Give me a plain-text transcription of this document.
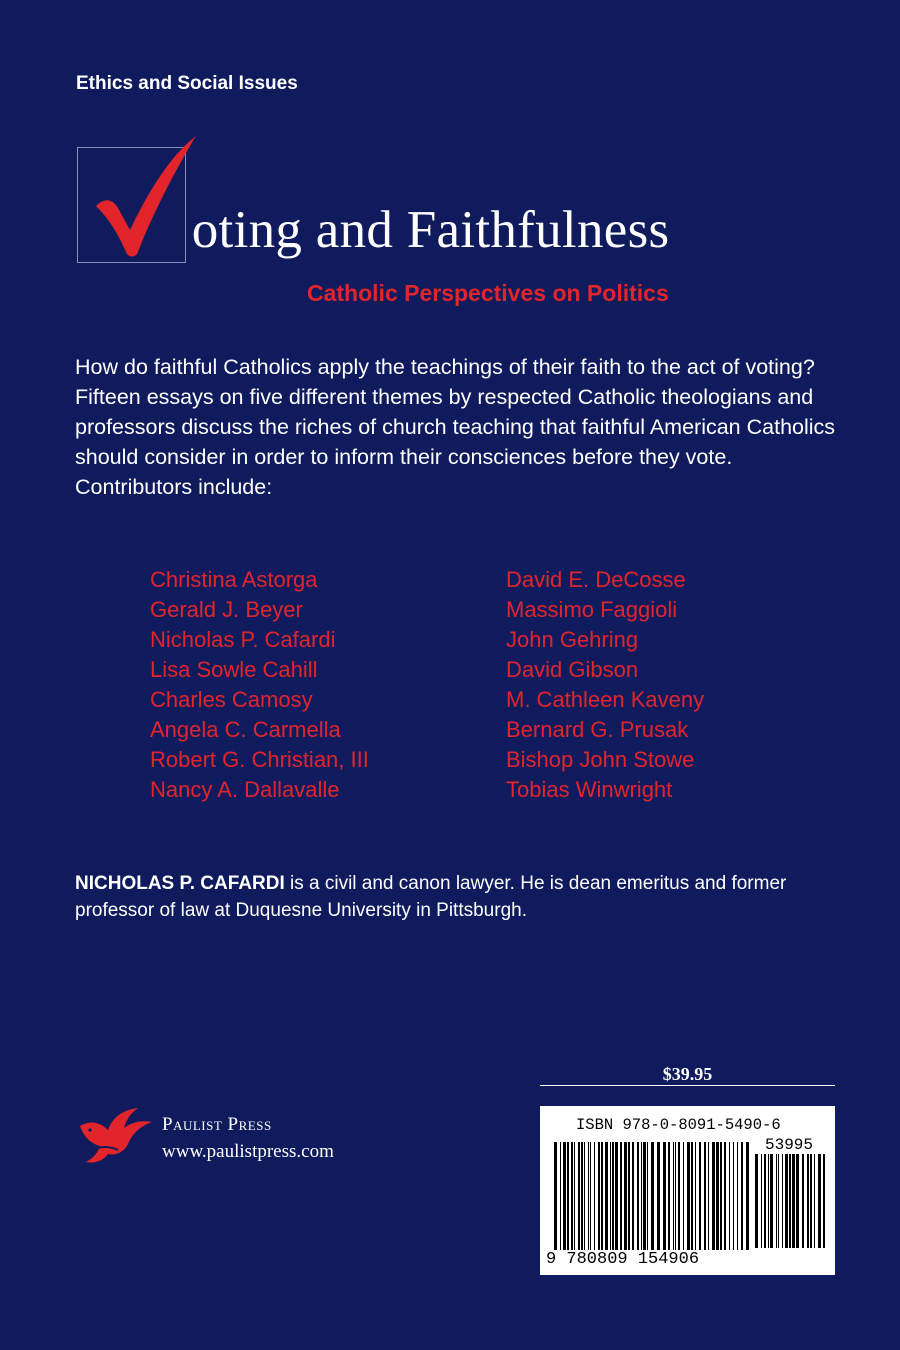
Ethics and Social Issues
oting and Faithfulness
Catholic Perspectives on Politics

How do faithful Catholics apply the teachings of their faith to the act of voting? Fifteen essays on five different themes by respected Catholic theologians and professors discuss the riches of church teaching that faithful American Catholics should consider in order to inform their consciences before they vote. Contributors include:

Christina Astorga
Gerald J. Beyer
Nicholas P. Cafardi
Lisa Sowle Cahill
Charles Camosy
Angela C. Carmella
Robert G. Christian, III
Nancy A. Dallavalle
David E. DeCosse
Massimo Faggioli
John Gehring
David Gibson
M. Cathleen Kaveny
Bernard G. Prusak
Bishop John Stowe
Tobias Winwright

NICHOLAS P. CAFARDI is a civil and canon lawyer. He is dean emeritus and former professor of law at Duquesne University in Pittsburgh.

$39.95
Paulist Press
www.paulistpress.com
ISBN 978-0-8091-5490-6
53995
9 780809 154906
